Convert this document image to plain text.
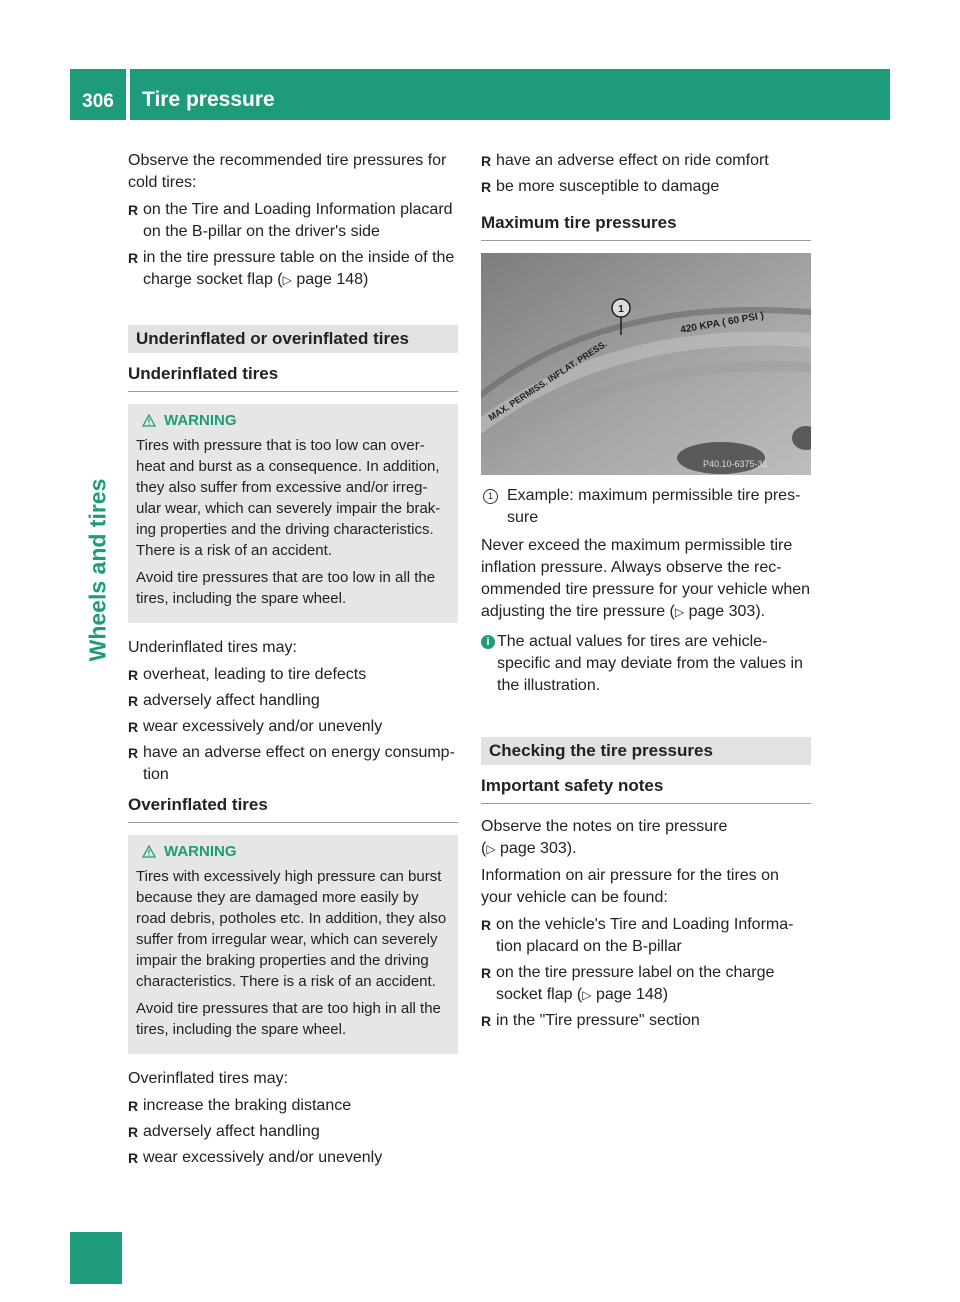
306	Tire pressure
Wheels and tires

Observe the recommended tire pressures for cold tires:

R on the Tire and Loading Information placard on the B-pillar on the driver's side
R in the tire pressure table on the inside of the charge socket flap (▷ page 148)
Underinflated or overinflated tires
Underinflated tires
WARNING

Tires with pressure that is too low can over-heat and burst as a consequence. In addition, they also suffer from excessive and/or irreg-ular wear, which can severely impair the brak-ing properties and the driving characteristics. There is a risk of an accident.

Avoid tire pressures that are too low in all the tires, including the spare wheel.

Underinflated tires may:

R overheat, leading to tire defects
R adversely affect handling
R wear excessively and/or unevenly
R have an adverse effect on energy consump-tion
Overinflated tires
WARNING

Tires with excessively high pressure can burst because they are damaged more easily by road debris, potholes etc. In addition, they also suffer from irregular wear, which can severely impair the braking properties and the driving characteristics. There is a risk of an accident.

Avoid tire pressures that are too high in all the tires, including the spare wheel.

Overinflated tires may:

R increase the braking distance
R adversely affect handling
R wear excessively and/or unevenly
R have an adverse effect on ride comfort
R be more susceptible to damage
Maximum tire pressures
MAX. PERMISS. INFLAT. PRESS.
420 KPA ( 60 PSI )
1
P40.10-6375-31
1 Example: maximum permissible tire pres-sure

Never exceed the maximum permissible tire inflation pressure. Always observe the rec-ommended tire pressure for your vehicle when adjusting the tire pressure (▷ page 303).

i The actual values for tires are vehicle-specific and may deviate from the values in the illustration.
Checking the tire pressures
Important safety notes

Observe the notes on tire pressure
(▷ page 303).

Information on air pressure for the tires on your vehicle can be found:

R on the vehicle's Tire and Loading Informa-tion placard on the B-pillar
R on the tire pressure label on the charge socket flap (▷ page 148)
R in the "Tire pressure" section
